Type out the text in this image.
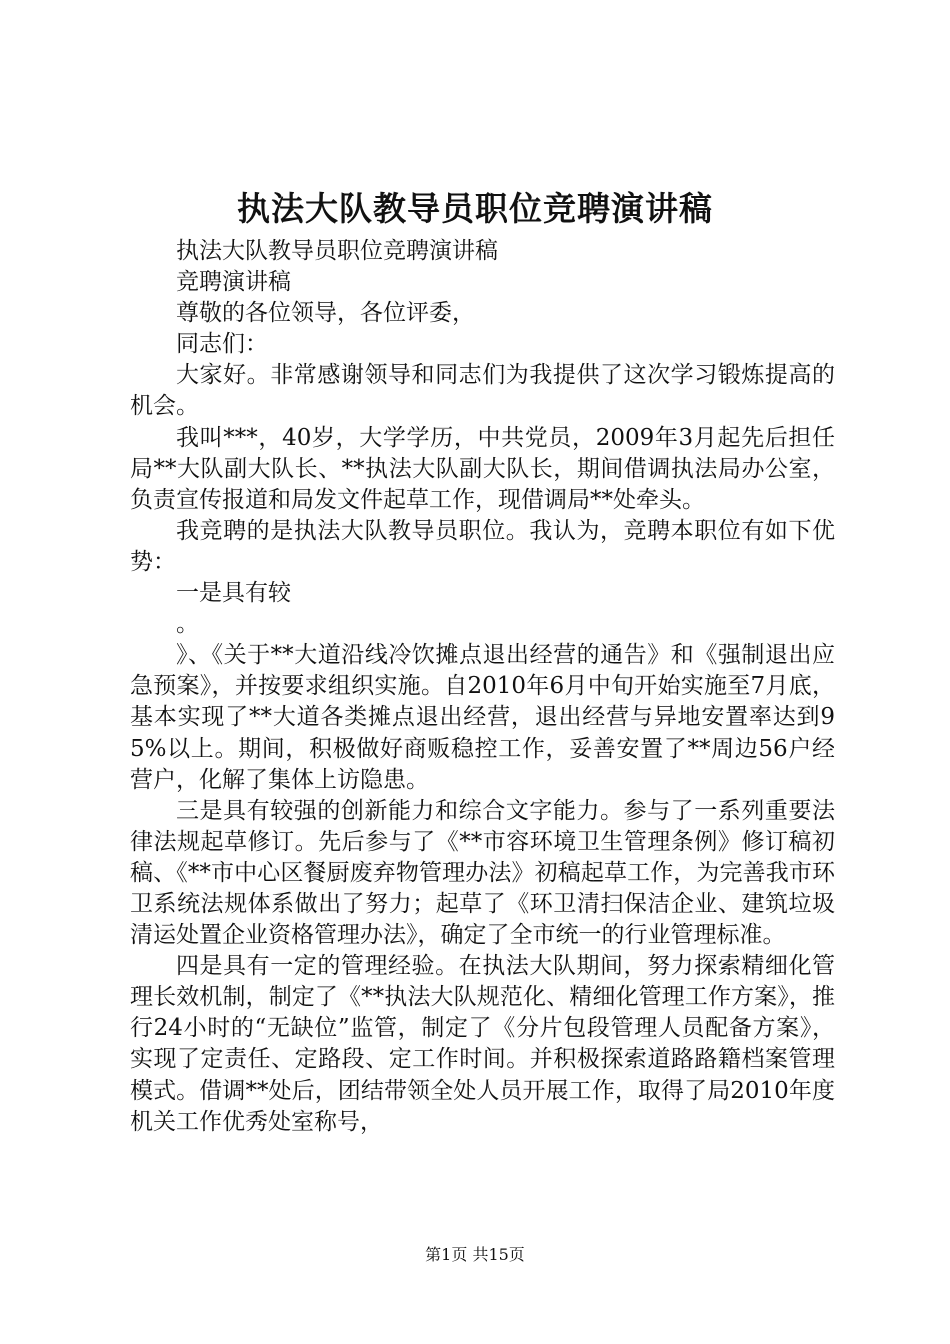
执法大队教导员职位竞聘演讲稿

执法大队教导员职位竞聘演讲稿

竞聘演讲稿

尊敬的各位领导，各位评委，

同志们：

大家好。非常感谢领导和同志们为我提供了这次学习锻炼提高的机会。

我叫***，40岁，大学学历，中共党员，2009年3月起先后担任局**大队副大队长、**执法大队副大队长，期间借调执法局办公室，负责宣传报道和局发文件起草工作，现借调局**处牵头。

我竞聘的是执法大队教导员职位。我认为，竞聘本职位有如下优势：

一是具有较

。

》、《关于**大道沿线冷饮摊点退出经营的通告》和《强制退出应急预案》，并按要求组织实施。自2010年6月中旬开始实施至7月底，基本实现了**大道各类摊点退出经营，退出经营与异地安置率达到95%以上。期间，积极做好商贩稳控工作，妥善安置了**周边56户经营户，化解了集体上访隐患。

三是具有较强的创新能力和综合文字能力。参与了一系列重要法律法规起草修订。先后参与了《**市容环境卫生管理条例》修订稿初稿、《**市中心区餐厨废弃物管理办法》初稿起草工作，为完善我市环卫系统法规体系做出了努力；起草了《环卫清扫保洁企业、建筑垃圾清运处置企业资格管理办法》，确定了全市统一的行业管理标准。

四是具有一定的管理经验。在执法大队期间，努力探索精细化管理长效机制，制定了《**执法大队规范化、精细化管理工作方案》，推行24小时的“无缺位”监管，制定了《分片包段管理人员配备方案》，实现了定责任、定路段、定工作时间。并积极探索道路路籍档案管理模式。借调**处后，团结带领全处人员开展工作，取得了局2010年度机关工作优秀处室称号，

第1页 共15页
